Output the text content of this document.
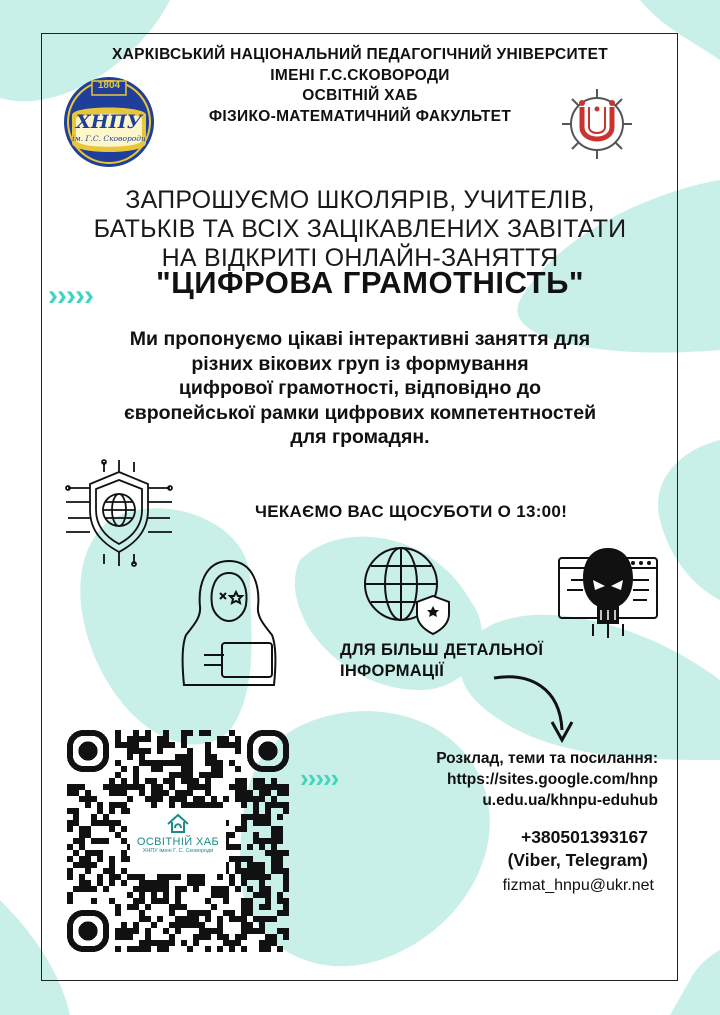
1804
ХНПУ
ім. Г.С. Сковороди
ХАРКІВСЬКИЙ НАЦІОНАЛЬНИЙ ПЕДАГОГІЧНИЙ УНІВЕРСИТЕТ
ІМЕНІ Г.С.СКОВОРОДИ
ОСВІТНІЙ ХАБ
ФІЗИКО-МАТЕМАТИЧНИЙ ФАКУЛЬТЕТ
ЗАПРОШУЄМО ШКОЛЯРІВ, УЧИТЕЛІВ,
БАТЬКІВ ТА ВСІХ ЗАЦІКАВЛЕНИХ ЗАВІТАТИ
НА ВІДКРИТІ ОНЛАЙН-ЗАНЯТТЯ
›››››	"ЦИФРОВА ГРАМОТНІСТЬ"
Ми пропонуємо цікаві інтерактивні заняття для
різних вікових груп із формування
цифрової грамотності, відповідно до
європейської рамки цифрових компетентностей
для громадян.
ЧЕКАЄМО ВАС ЩОСУБОТИ О 13:00!
ДЛЯ БІЛЬШ ДЕТАЛЬНОЇ
ІНФОРМАЦІЇ
ОСВІТНІЙ ХАБ
ХНПУ імені Г. С. Сковороди
›››››
Розклад, теми та посилання:
https://sites.google.com/hnp
u.edu.ua/khnpu-eduhub
+380501393167
(Viber, Telegram)
fizmat_hnpu@ukr.net
